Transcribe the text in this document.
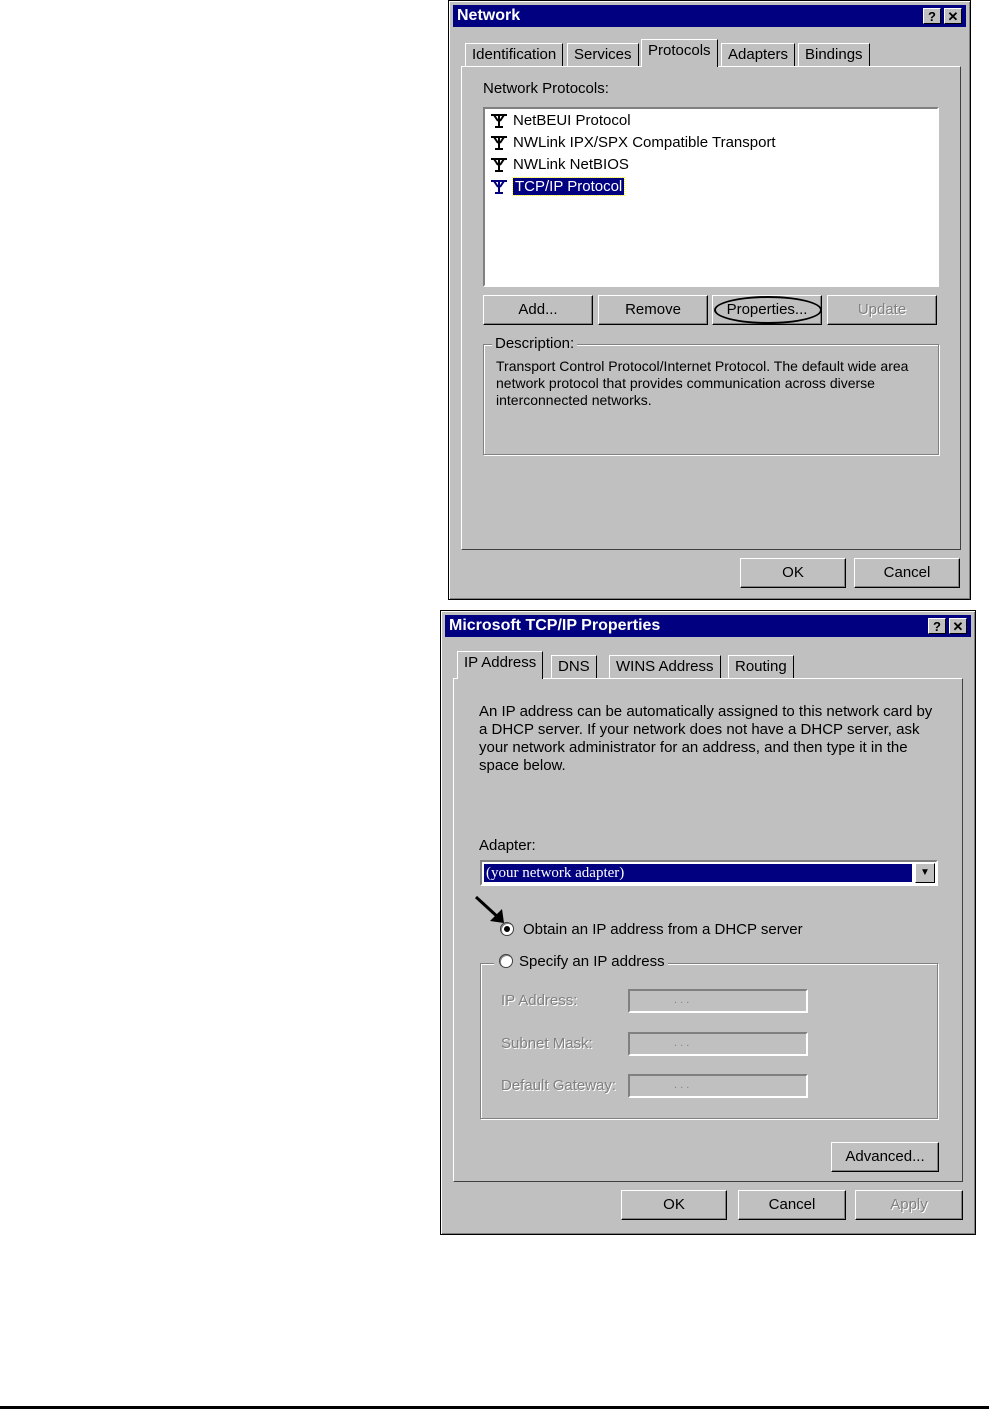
Network	? ✕
Identification	Services	Protocols	Adapters	Bindings
Network Protocols:
NetBEUI Protocol
NWLink IPX/SPX Compatible Transport
NWLink NetBIOS
TCP/IP Protocol
Add...	Remove	Properties...	Update
Transport Control Protocol/Internet Protocol. The default wide area network protocol that provides communication across diverse interconnected networks.
Description:
OK	Cancel
Microsoft TCP/IP Properties	? ✕
IP Address	DNS	WINS Address	Routing
An IP address can be automatically assigned to this network card by a DHCP server. If your network does not have a DHCP server, ask your network administrator for an address, and then type it in the space below.
Adapter:
(your network adapter)	▼
Obtain an IP address from a DHCP server
IP Address:	. . .
Subnet Mask:	. . .
Default Gateway:	. . .
Specify an IP address
Advanced...
OK	Cancel	Apply
